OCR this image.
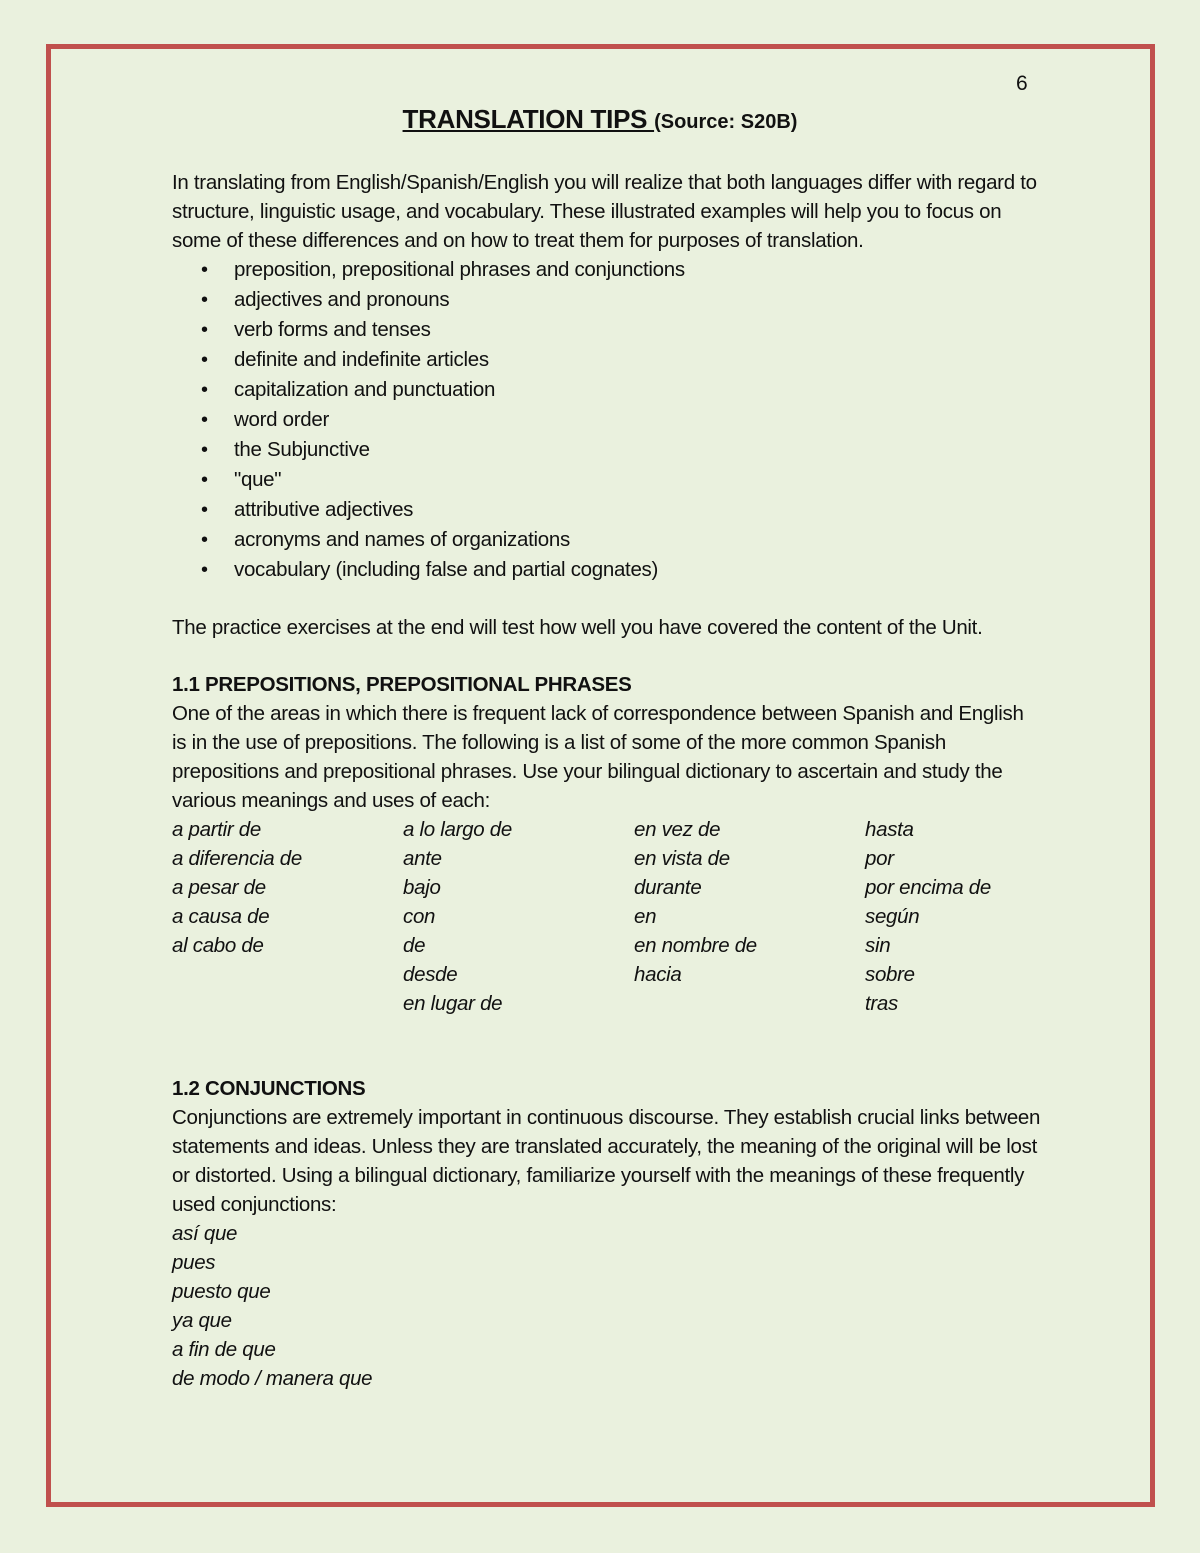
6
TRANSLATION TIPS (Source: S20B)

In translating from English/Spanish/English you will realize that both languages differ with regard to structure, linguistic usage, and vocabulary. These illustrated examples will help you to focus on some of these differences and on how to treat them for purposes of translation.

• preposition, prepositional phrases and conjunctions
• adjectives and pronouns
• verb forms and tenses
• definite and indefinite articles
• capitalization and punctuation
• word order
• the Subjunctive
• "que"
• attributive adjectives
• acronyms and names of organizations
• vocabulary (including false and partial cognates)

The practice exercises at the end will test how well you have covered the content of the Unit.

1.1 PREPOSITIONS, PREPOSITIONAL PHRASES

One of the areas in which there is frequent lack of correspondence between Spanish and English is in the use of prepositions. The following is a list of some of the more common Spanish prepositions and prepositional phrases. Use your bilingual dictionary to ascertain and study the various meanings and uses of each:

a partir de
a diferencia de
a pesar de
a causa de
al cabo de
a lo largo de
ante
bajo
con
de
desde
en lugar de
en vez de
en vista de
durante
en
en nombre de
hacia
hasta
por
por encima de
según
sin
sobre
tras

1.2 CONJUNCTIONS

Conjunctions are extremely important in continuous discourse. They establish crucial links between statements and ideas. Unless they are translated accurately, the meaning of the original will be lost or distorted. Using a bilingual dictionary, familiarize yourself with the meanings of these frequently used conjunctions:

así que
pues
puesto que
ya que
a fin de que
de modo / manera que
